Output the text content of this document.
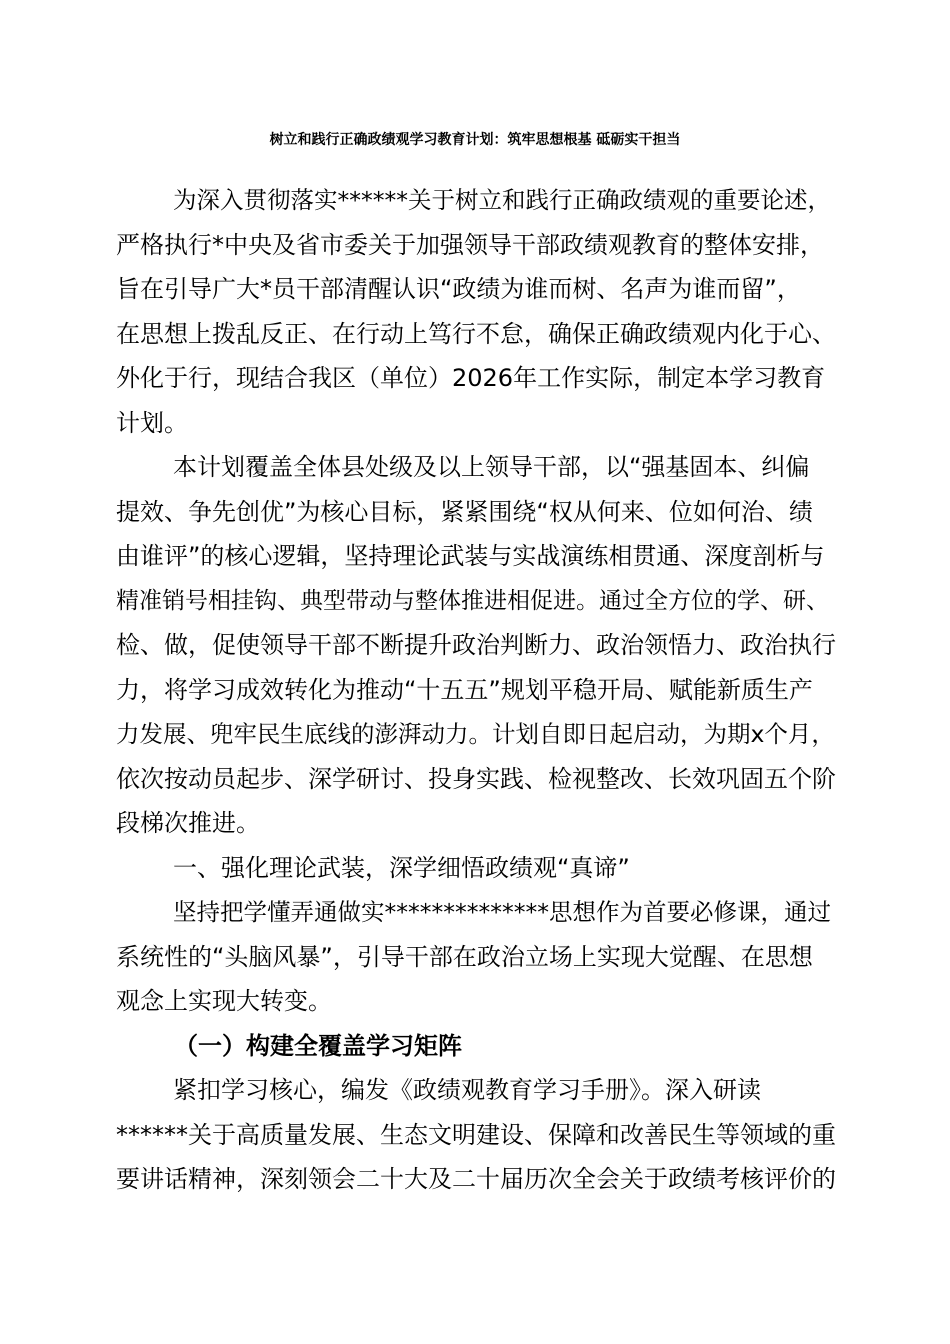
树立和践行正确政绩观学习教育计划：筑牢思想根基 砥砺实干担当
为深入贯彻落实******关于树立和践行正确政绩观的重要论述，
严格执行*中央及省市委关于加强领导干部政绩观教育的整体安排，
旨在引导广大*员干部清醒认识“政绩为谁而树、名声为谁而留”，
在思想上拨乱反正、在行动上笃行不怠，确保正确政绩观内化于心、
外化于行，现结合我区（单位）2026年工作实际，制定本学习教育
计划。
本计划覆盖全体县处级及以上领导干部，以“强基固本、纠偏
提效、争先创优”为核心目标，紧紧围绕“权从何来、位如何治、绩
由谁评”的核心逻辑，坚持理论武装与实战演练相贯通、深度剖析与
精准销号相挂钩、典型带动与整体推进相促进。通过全方位的学、研、
检、做，促使领导干部不断提升政治判断力、政治领悟力、政治执行
力，将学习成效转化为推动“十五五”规划平稳开局、赋能新质生产
力发展、兜牢民生底线的澎湃动力。计划自即日起启动，为期x个月，
依次按动员起步、深学研讨、投身实践、检视整改、长效巩固五个阶
段梯次推进。
一、强化理论武装，深学细悟政绩观“真谛”
坚持把学懂弄通做实**************思想作为首要必修课，通过
系统性的“头脑风暴”，引导干部在政治立场上实现大觉醒、在思想
观念上实现大转变。
（一）构建全覆盖学习矩阵
紧扣学习核心，编发《政绩观教育学习手册》。深入研读
******关于高质量发展、生态文明建设、保障和改善民生等领域的重
要讲话精神，深刻领会二十大及二十届历次全会关于政绩考核评价的
